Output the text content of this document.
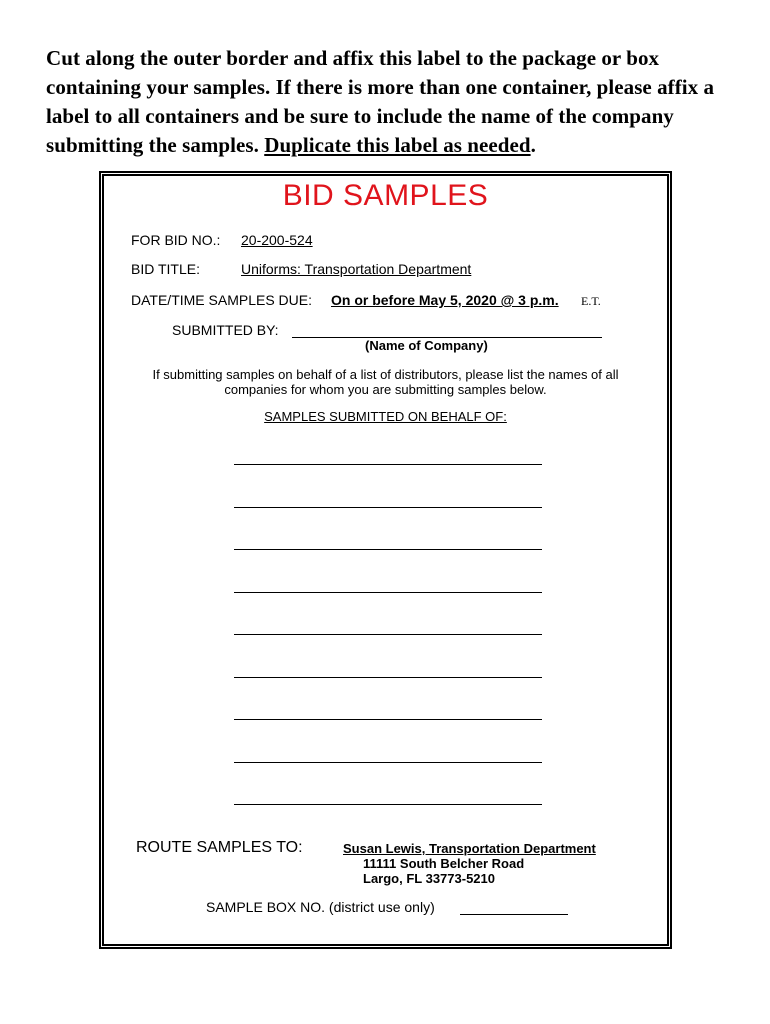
Cut along the outer border and affix this label to the package or box containing your samples. If there is more than one container, please affix a label to all containers and be sure to include the name of the company submitting the samples. Duplicate this label as needed.

BID SAMPLES
FOR BID NO.: 20-200-524
BID TITLE:	Uniforms: Transportation Department
DATE/TIME SAMPLES DUE: On or before May 5, 2020 @ 3 p.m. E.T.
SUBMITTED BY:
(Name of Company)
If submitting samples on behalf of a list of distributors, please list the names of all companies for whom you are submitting samples below.
SAMPLES SUBMITTED ON BEHALF OF:
ROUTE SAMPLES TO:	Susan Lewis, Transportation Department
11111 South Belcher Road
Largo, FL 33773-5210
SAMPLE BOX NO. (district use only)
